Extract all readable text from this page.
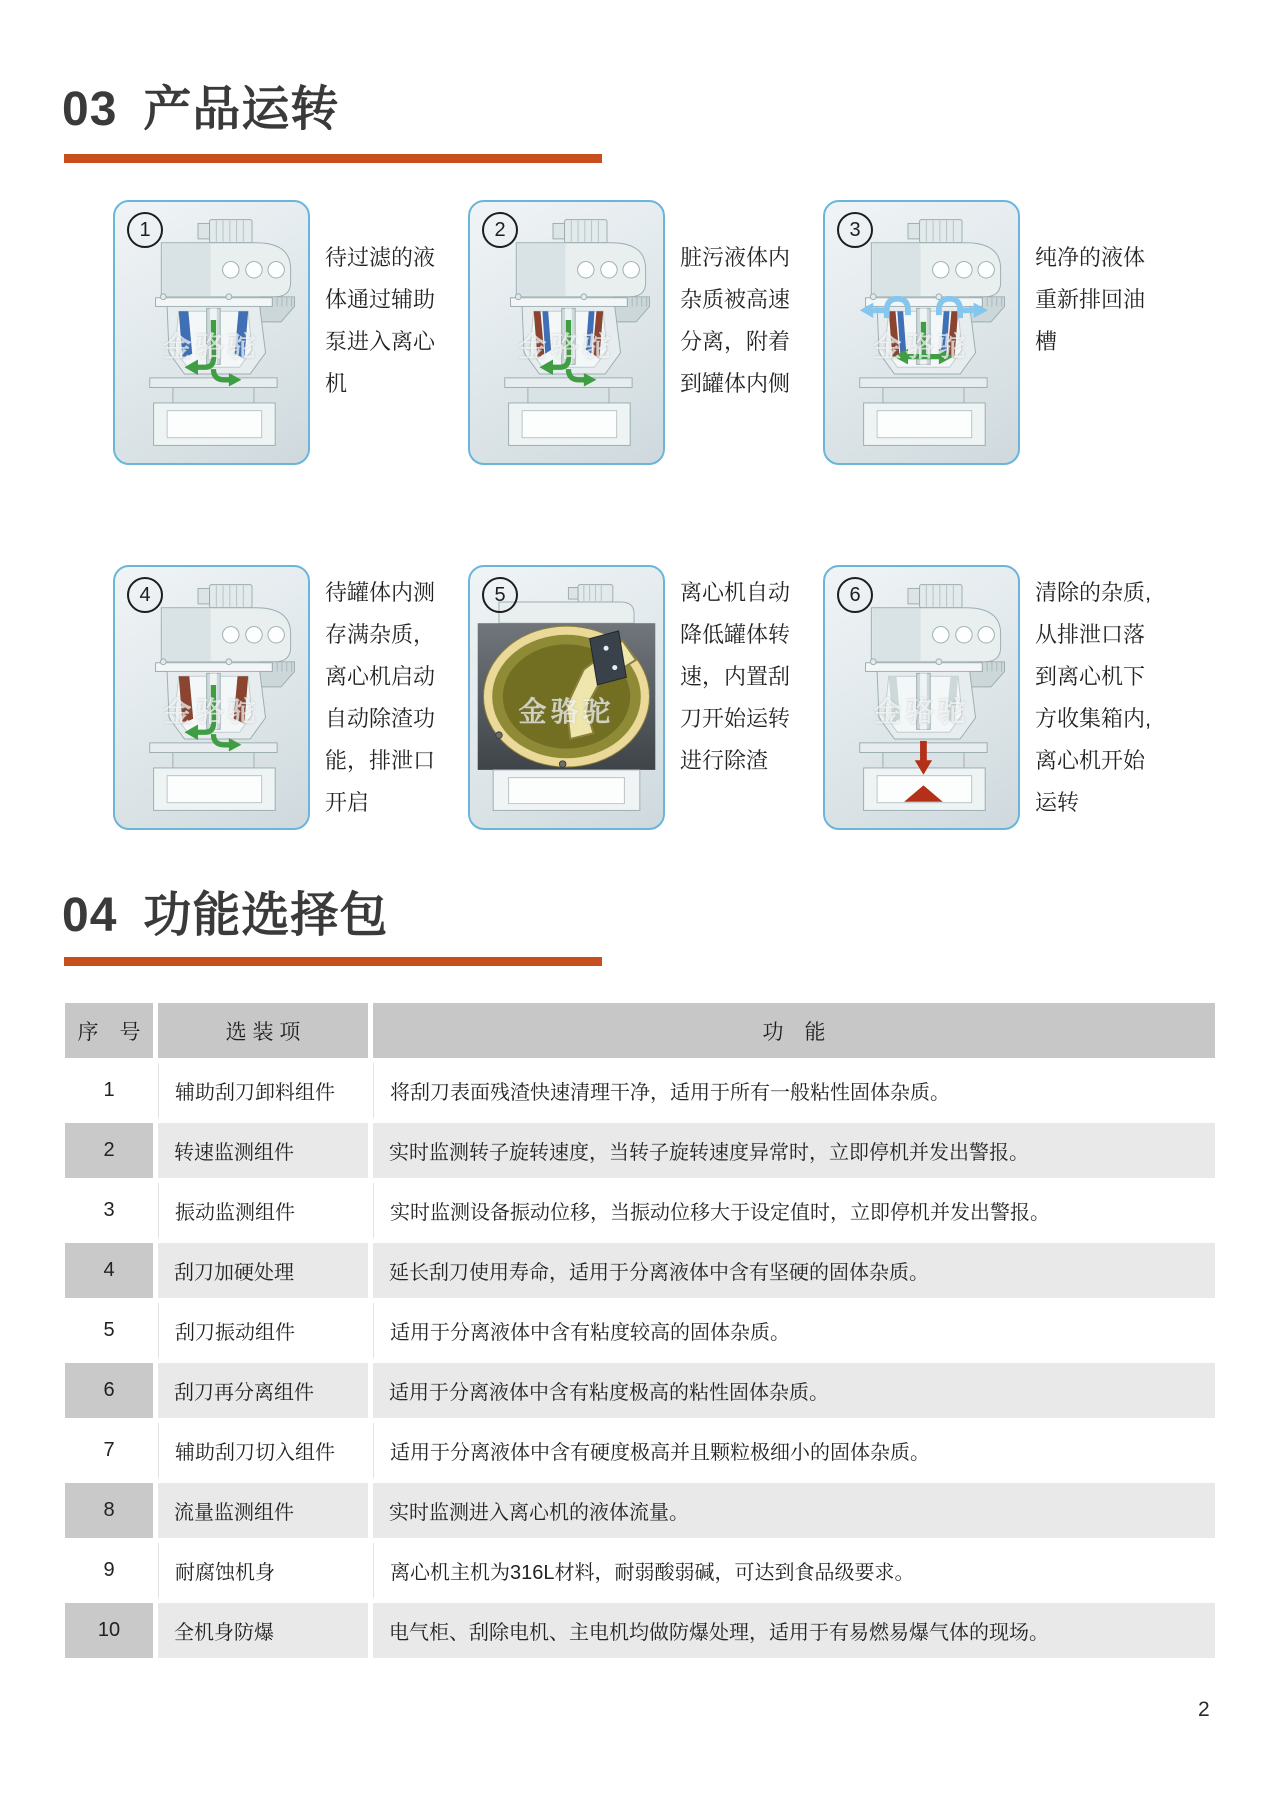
03 产品运转
1
金骆驼
待过滤的液
体通过辅助
泵进入离心
机
2
金骆驼
脏污液体内
杂质被高速
分离，附着
到罐体内侧
3
金骆驼
纯净的液体
重新排回油
槽
4
金骆驼
待罐体内测
存满杂质，
离心机启动
自动除渣功
能，排泄口
开启
5
金骆驼
离心机自动
降低罐体转
速，内置刮
刀开始运转
进行除渣
6
金骆驼
清除的杂质,
从排泄口落
到离心机下
方收集箱内,
离心机开始
运转
04 功能选择包
序　号	选 装 项	功　能
1	辅助刮刀卸料组件	将刮刀表面残渣快速清理干净，适用于所有一般粘性固体杂质。
2	转速监测组件	实时监测转子旋转速度，当转子旋转速度异常时，立即停机并发出警报。
3	振动监测组件	实时监测设备振动位移，当振动位移大于设定值时，立即停机并发出警报。
4	刮刀加硬处理	延长刮刀使用寿命，适用于分离液体中含有坚硬的固体杂质。
5	刮刀振动组件	适用于分离液体中含有粘度较高的固体杂质。
6	刮刀再分离组件	适用于分离液体中含有粘度极高的粘性固体杂质。
7	辅助刮刀切入组件	适用于分离液体中含有硬度极高并且颗粒极细小的固体杂质。
8	流量监测组件	实时监测进入离心机的液体流量。
9	耐腐蚀机身	离心机主机为316L材料，耐弱酸弱碱，可达到食品级要求。
10	全机身防爆	电气柜、刮除电机、主电机均做防爆处理，适用于有易燃易爆气体的现场。
2
